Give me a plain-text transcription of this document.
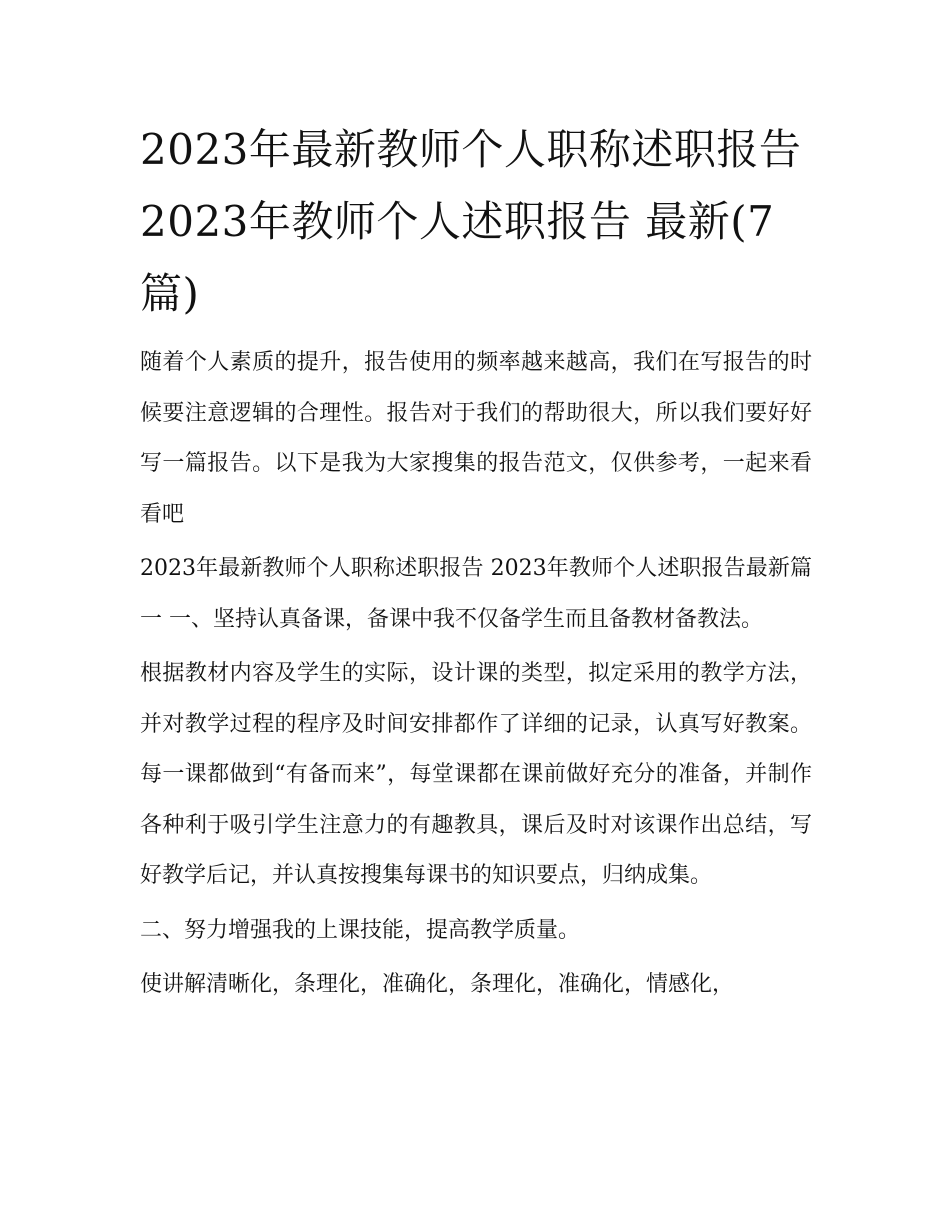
2023年最新教师个人职称述职报告 2023年教师个人述职报告 最新(7篇)

随着个人素质的提升，报告使用的频率越来越高，我们在写报告的时候要注意逻辑的合理性。报告对于我们的帮助很大，所以我们要好好写一篇报告。以下是我为大家搜集的报告范文，仅供参考，一起来看看吧

2023年最新教师个人职称述职报告 2023年教师个人述职报告最新篇一 一、坚持认真备课，备课中我不仅备学生而且备教材备教法。

根据教材内容及学生的实际，设计课的类型，拟定采用的教学方法，并对教学过程的程序及时间安排都作了详细的记录，认真写好教案。每一课都做到“有备而来”，每堂课都在课前做好充分的准备，并制作各种利于吸引学生注意力的有趣教具，课后及时对该课作出总结，写好教学后记，并认真按搜集每课书的知识要点，归纳成集。

二、努力增强我的上课技能，提高教学质量。

使讲解清晰化，条理化，准确化，条理化，准确化，情感化，
